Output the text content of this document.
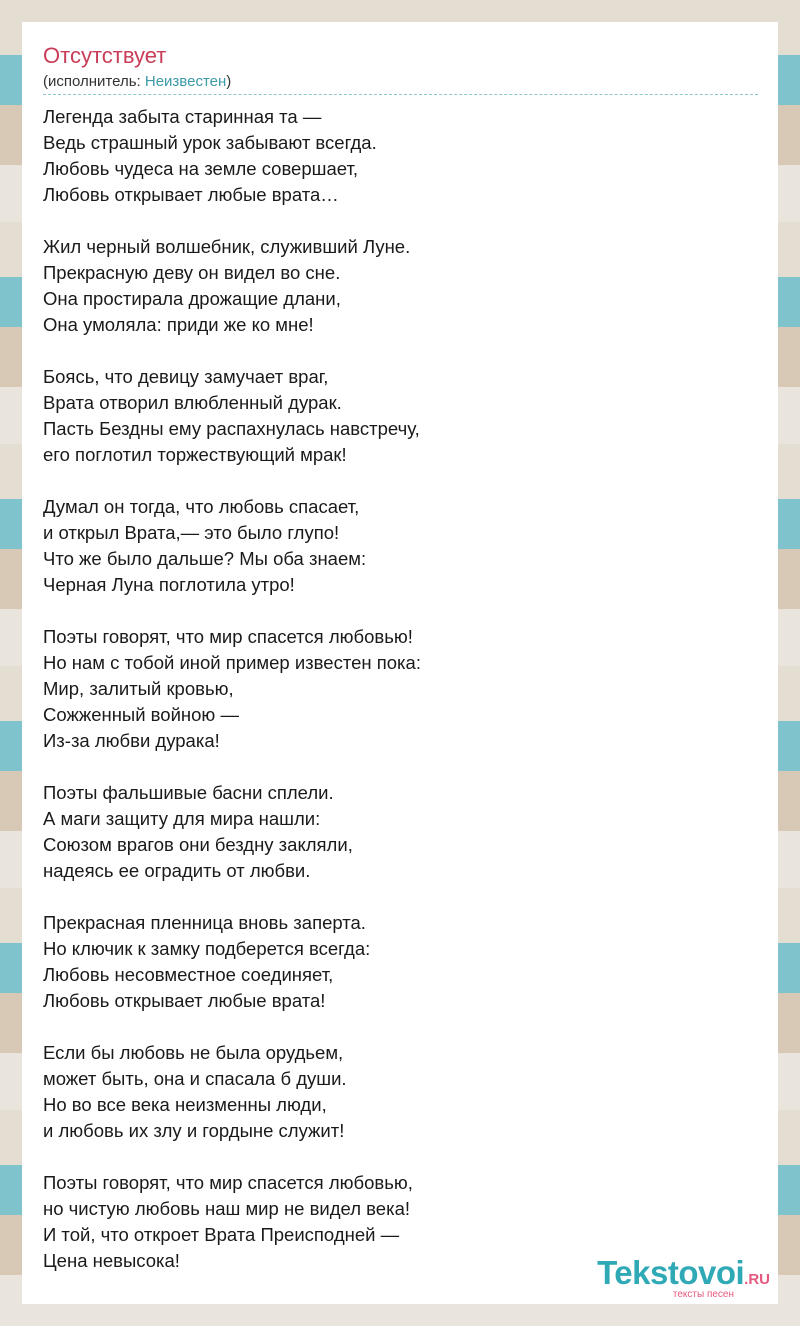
Отсутствует
(исполнитель: Неизвестен)
Легенда забыта старинная та —
Ведь страшный урок забывают всегда.
Любовь чудеса на земле совершает,
Любовь открывает любые врата…
Жил черный волшебник, служивший Луне.
Прекрасную деву он видел во сне.
Она простирала дрожащие длани,
Она умоляла: приди же ко мне!
Боясь, что девицу замучает враг,
Врата отворил влюбленный дурак.
Пасть Бездны ему распахнулась навстречу,
его поглотил торжествующий мрак!
Думал он тогда, что любовь спасает,
и открыл Врата,— это было глупо!
Что же было дальше? Мы оба знаем:
Черная Луна поглотила утро!
Поэты говорят, что мир спасется любовью!
Но нам с тобой иной пример известен пока:
Мир, залитый кровью,
Сожженный войною —
Из-за любви дурака!
Поэты фальшивые басни сплели.
А маги защиту для мира нашли:
Союзом врагов они бездну закляли,
надеясь ее оградить от любви.
Прекрасная пленница вновь заперта.
Но ключик к замку подберется всегда:
Любовь несовместное соединяет,
Любовь открывает любые врата!
Если бы любовь не была орудьем,
может быть, она и спасала б души.
Но во все века неизменны люди,
и любовь их злу и гордыне служит!
Поэты говорят, что мир спасется любовью,
но чистую любовь наш мир не видел века!
И той, что откроет Врата Преисподней —
Цена невысока!	Tekstovoi.RU
тексты песен
